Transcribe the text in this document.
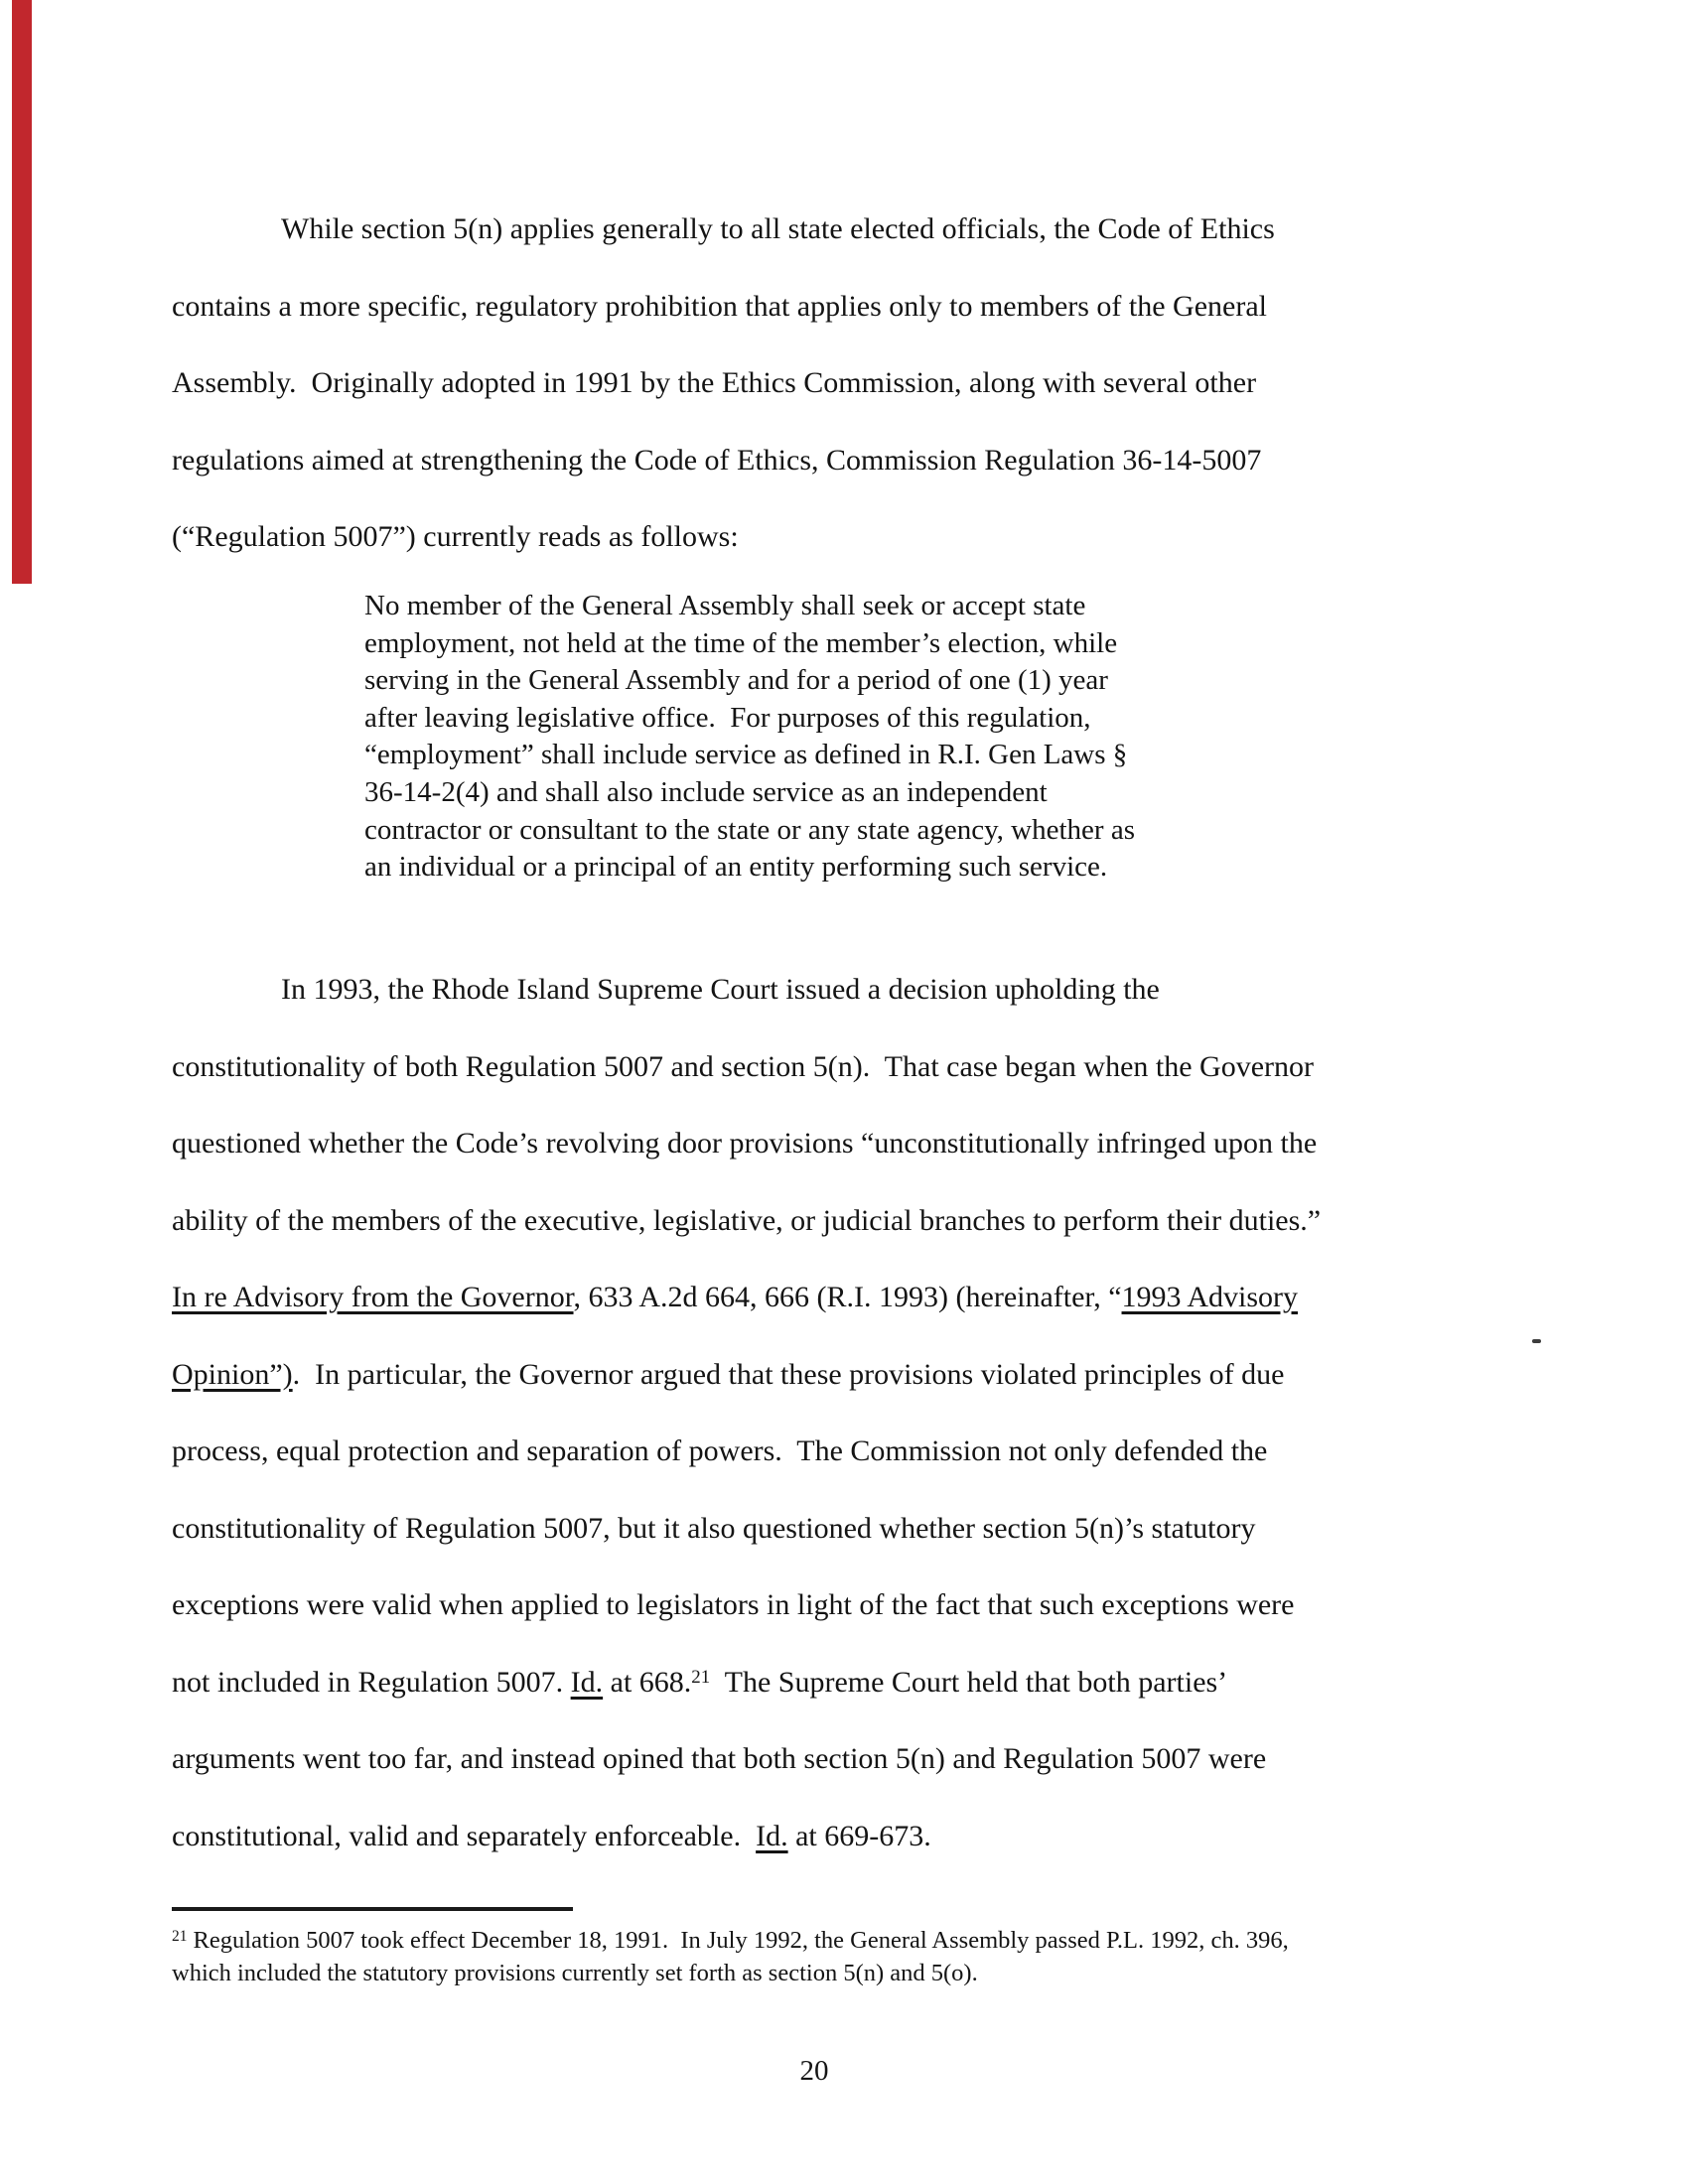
While section 5(n) applies generally to all state elected officials, the Code of Ethics
contains a more specific, regulatory prohibition that applies only to members of the General
Assembly.  Originally adopted in 1991 by the Ethics Commission, along with several other
regulations aimed at strengthening the Code of Ethics, Commission Regulation 36-14-5007
(“Regulation 5007”) currently reads as follows:
No member of the General Assembly shall seek or accept state
employment, not held at the time of the member’s election, while
serving in the General Assembly and for a period of one (1) year
after leaving legislative office.  For purposes of this regulation,
“employment” shall include service as defined in R.I. Gen Laws §
36-14-2(4) and shall also include service as an independent
contractor or consultant to the state or any state agency, whether as
an individual or a principal of an entity performing such service.
In 1993, the Rhode Island Supreme Court issued a decision upholding the
constitutionality of both Regulation 5007 and section 5(n).  That case began when the Governor
questioned whether the Code’s revolving door provisions “unconstitutionally infringed upon the
ability of the members of the executive, legislative, or judicial branches to perform their duties.”
In re Advisory from the Governor, 633 A.2d 664, 666 (R.I. 1993) (hereinafter, “1993 Advisory
Opinion”).  In particular, the Governor argued that these provisions violated principles of due
process, equal protection and separation of powers.  The Commission not only defended the
constitutionality of Regulation 5007, but it also questioned whether section 5(n)’s statutory
exceptions were valid when applied to legislators in light of the fact that such exceptions were
not included in Regulation 5007. Id. at 668.21  The Supreme Court held that both parties’
arguments went too far, and instead opined that both section 5(n) and Regulation 5007 were
constitutional, valid and separately enforceable.  Id. at 669-673.
$^{21}$ Regulation 5007 took effect December 18, 1991.  In July 1992, the General Assembly passed P.L. 1992, ch. 396,
which included the statutory provisions currently set forth as section 5(n) and 5(o).
20
